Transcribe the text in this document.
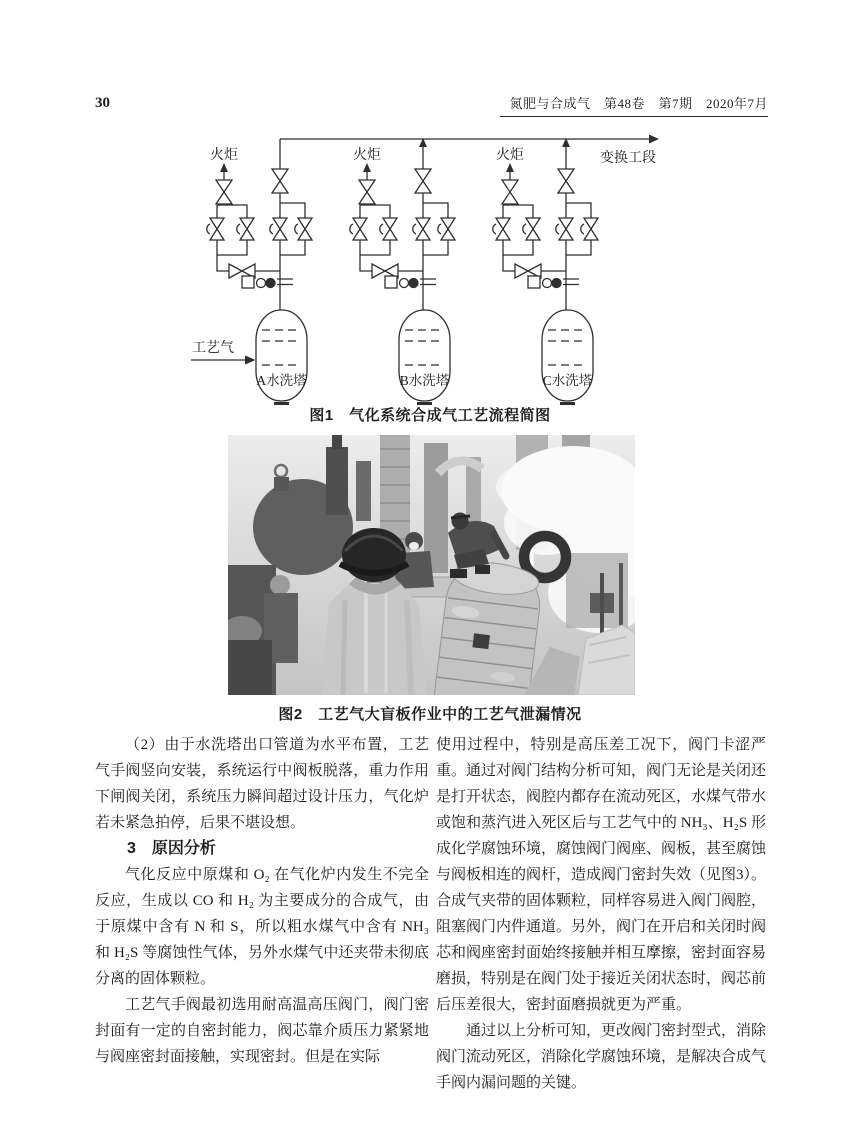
30	氮肥与合成气　第48卷　第7期　2020年7月
火炬	火炬	火炬	变换工段
工艺气
A水洗塔	B水洗塔	C水洗塔
图1　气化系统合成气工艺流程简图
图2　工艺气大盲板作业中的工艺气泄漏情况

（2）由于水洗塔出口管道为水平布置，工艺气手阀竖向安装，系统运行中阀板脱落，重力作用下闸阀关闭，系统压力瞬间超过设计压力，气化炉若未紧急拍停，后果不堪设想。

3　原因分析

气化反应中原煤和 O₂ 在气化炉内发生不完全反应，生成以 CO 和 H₂ 为主要成分的合成气，由于原煤中含有 N 和 S，所以粗水煤气中含有 NH₃ 和 H₂S 等腐蚀性气体，另外水煤气中还夹带未彻底分离的固体颗粒。

工艺气手阀最初选用耐高温高压阀门，阀门密封面有一定的自密封能力，阀芯靠介质压力紧紧地与阀座密封面接触，实现密封。但是在实际

使用过程中，特别是高压差工况下，阀门卡涩严重。通过对阀门结构分析可知，阀门无论是关闭还是打开状态，阀腔内都存在流动死区，水煤气带水或饱和蒸汽进入死区后与工艺气中的 NH₃、H₂S 形成化学腐蚀环境，腐蚀阀门阀座、阀板，甚至腐蚀与阀板相连的阀杆，造成阀门密封失效（见图3）。合成气夹带的固体颗粒，同样容易进入阀门阀腔，阻塞阀门内件通道。另外，阀门在开启和关闭时阀芯和阀座密封面始终接触并相互摩擦，密封面容易磨损，特别是在阀门处于接近关闭状态时，阀芯前后压差很大，密封面磨损就更为严重。

通过以上分析可知，更改阀门密封型式，消除阀门流动死区，消除化学腐蚀环境，是解决合成气手阀内漏问题的关键。
